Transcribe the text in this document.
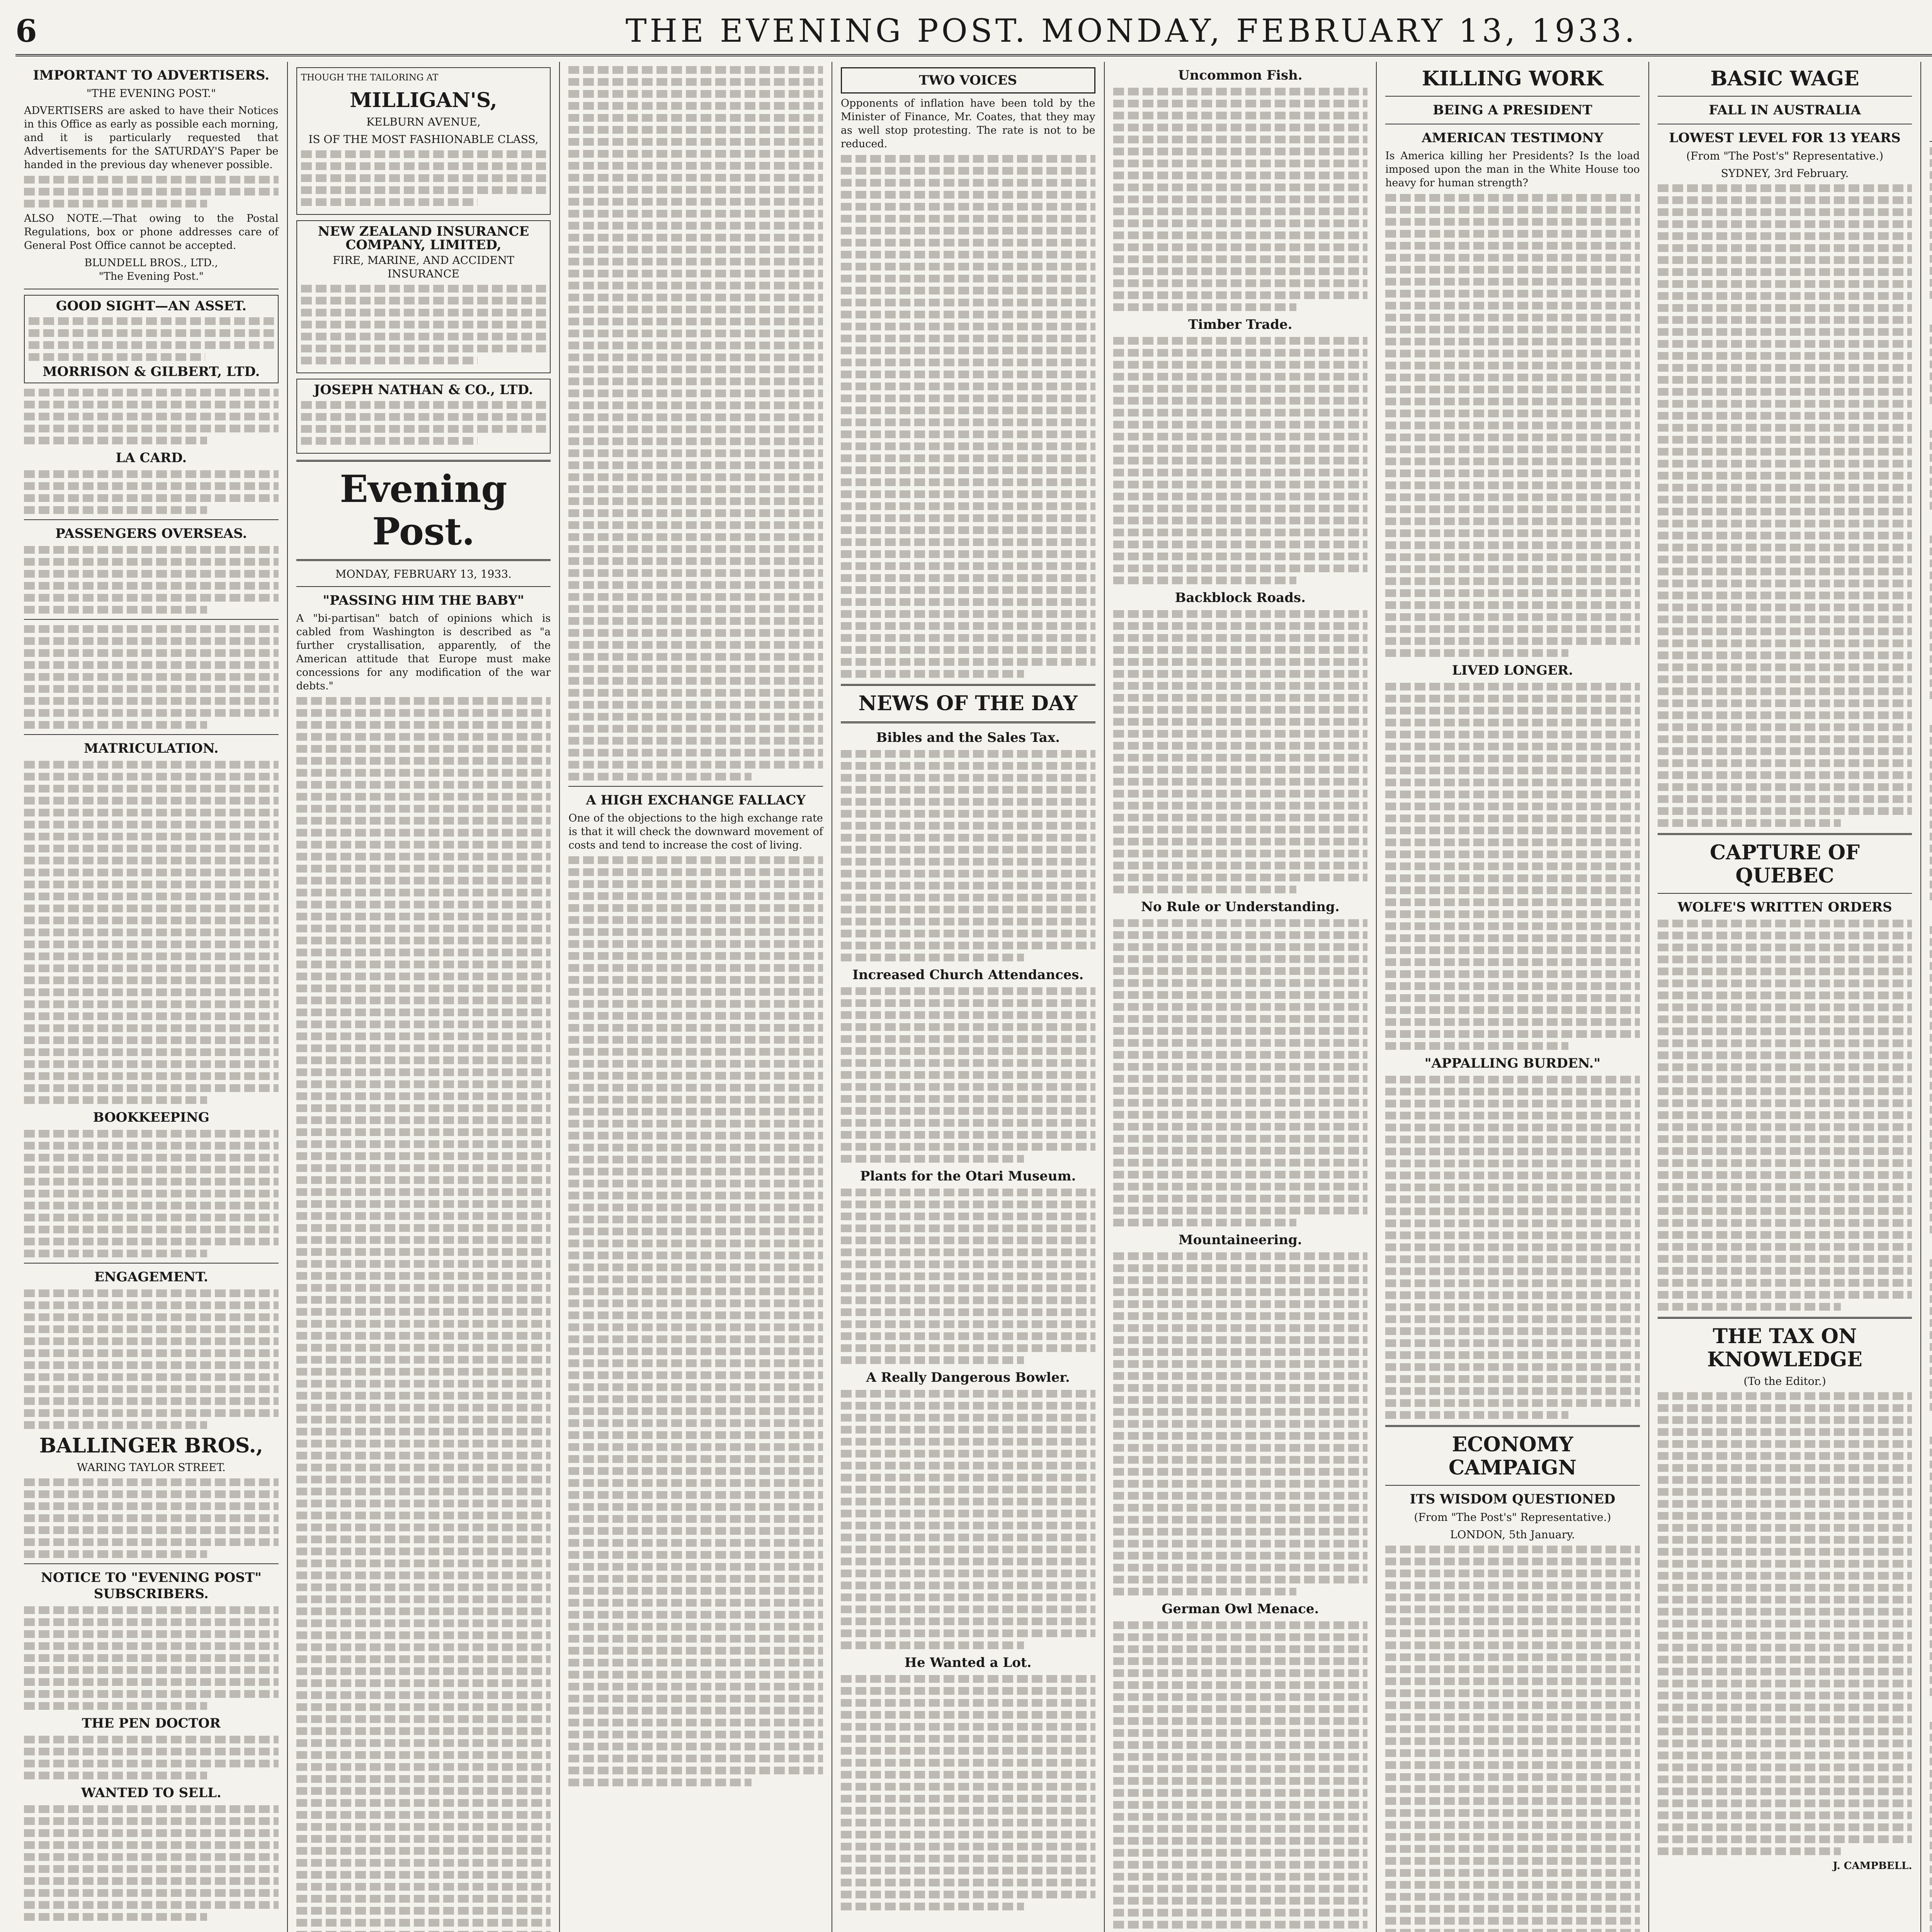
6	THE EVENING POST. MONDAY, FEBRUARY 13, 1933.
IMPORTANT TO ADVERTISERS.
"THE EVENING POST."
ADVERTISERS are asked to have their Notices in this Office as early as possible each morning, and it is particularly requested that Advertisements for the SATURDAY'S Paper be handed in the previous day whenever possible.
ALSO NOTE.—That owing to the Postal Regulations, box or phone addresses care of General Post Office cannot be accepted.
BLUNDELL BROS., LTD.,
"The Evening Post."
GOOD SIGHT—AN ASSET.
MORRISON & GILBERT, LTD.
LA CARD.
PASSENGERS OVERSEAS.
MATRICULATION.
BOOKKEEPING
ENGAGEMENT.
BALLINGER BROS.,
WARING TAYLOR STREET.
NOTICE TO "EVENING POST" SUBSCRIBERS.
THE PEN DOCTOR
WANTED TO SELL.
THOUGH THE TAILORING AT
MILLIGAN'S,
KELBURN AVENUE,
IS OF THE MOST FASHIONABLE CLASS,
NEW ZEALAND INSURANCE COMPANY, LIMITED,
FIRE, MARINE, AND ACCIDENT INSURANCE
JOSEPH NATHAN & CO., LTD.
Evening Post.
MONDAY, FEBRUARY 13, 1933.
"PASSING HIM THE BABY"
A "bi-partisan" batch of opinions which is cabled from Washington is described as "a further crystallisation, apparently, of the American attitude that Europe must make concessions for any modification of the war debts."
A HIGH EXCHANGE FALLACY
One of the objections to the high exchange rate is that it will check the downward movement of costs and tend to increase the cost of living.
TWO VOICES
Opponents of inflation have been told by the Minister of Finance, Mr. Coates, that they may as well stop protesting. The rate is not to be reduced.
NEWS OF THE DAY
Bibles and the Sales Tax.
Increased Church Attendances.
Plants for the Otari Museum.
A Really Dangerous Bowler.
He Wanted a Lot.
Uncommon Fish.
Timber Trade.
Backblock Roads.
No Rule or Understanding.
Mountaineering.
German Owl Menace.
KILLING WORK
BEING A PRESIDENT
AMERICAN TESTIMONY
Is America killing her Presidents? Is the load imposed upon the man in the White House too heavy for human strength?
LIVED LONGER.
"APPALLING BURDEN."
ECONOMY CAMPAIGN
ITS WISDOM QUESTIONED
(From "The Post's" Representative.)
LONDON, 5th January.
BASIC WAGE
FALL IN AUSTRALIA
LOWEST LEVEL FOR 13 YEARS
(From "The Post's" Representative.)
SYDNEY, 3rd February.
CAPTURE OF QUEBEC
WOLFE'S WRITTEN ORDERS
THE TAX ON KNOWLEDGE
(To the Editor.)
J. CAMPBELL.
